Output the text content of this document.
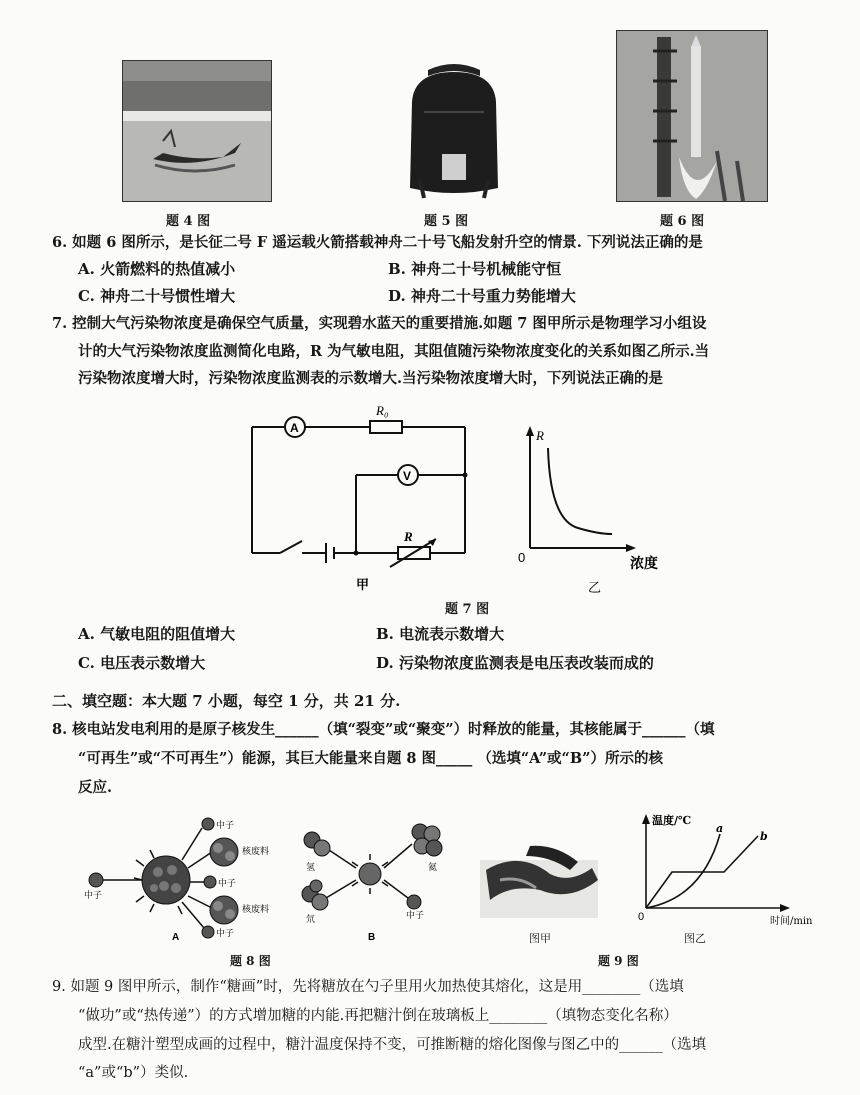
题 4 图	题 5 图	题 6 图
6. 如题 6 图所示，是长征二号 F 遥运载火箭搭载神舟二十号飞船发射升空的情景. 下列说法正确的是
A. 火箭燃料的热值减小	B. 神舟二十号机械能守恒
C. 神舟二十号惯性增大	D. 神舟二十号重力势能增大
7. 控制大气污染物浓度是确保空气质量，实现碧水蓝天的重要措施.如题 7 图甲所示是物理学习小组设
计的大气污染物浓度监测简化电路，R 为气敏电阻，其阻值随污染物浓度变化的关系如图乙所示.当
污染物浓度增大时，污染物浓度监测表的示数增大.当污染物浓度增大时，下列说法正确的是
A
V
R₀
R
甲
R
0	浓度
乙
题 7 图
A. 气敏电阻的阻值增大	B. 电流表示数增大
C. 电压表示数增大	D. 污染物浓度监测表是电压表改装而成的
二、填空题：本大题 7 小题，每空 1 分，共 21 分.
8. 核电站发电利用的是原子核发生______（填“裂变”或“聚变”）时释放的能量，其核能属于______（填
“可再生”或“不可再生”）能源，其巨大能量来自题 8 图_____ （选填“A”或“B”）所示的核
反应.
中子
核废料
中子
核废料
中子
中子
A
氢
氘
氦
中子
B	图甲
温度/℃
时间/min
0
a
b
图乙
题 8 图	题 9 图
9. 如题 9 图甲所示，制作“糖画”时，先将糖放在勺子里用火加热使其熔化，这是用________（选填
“做功”或“热传递”）的方式增加糖的内能.再把糖汁倒在玻璃板上________（填物态变化名称）
成型.在糖汁塑型成画的过程中，糖汁温度保持不变，可推断糖的熔化图像与图乙中的______（选填
“a”或“b”）类似.
